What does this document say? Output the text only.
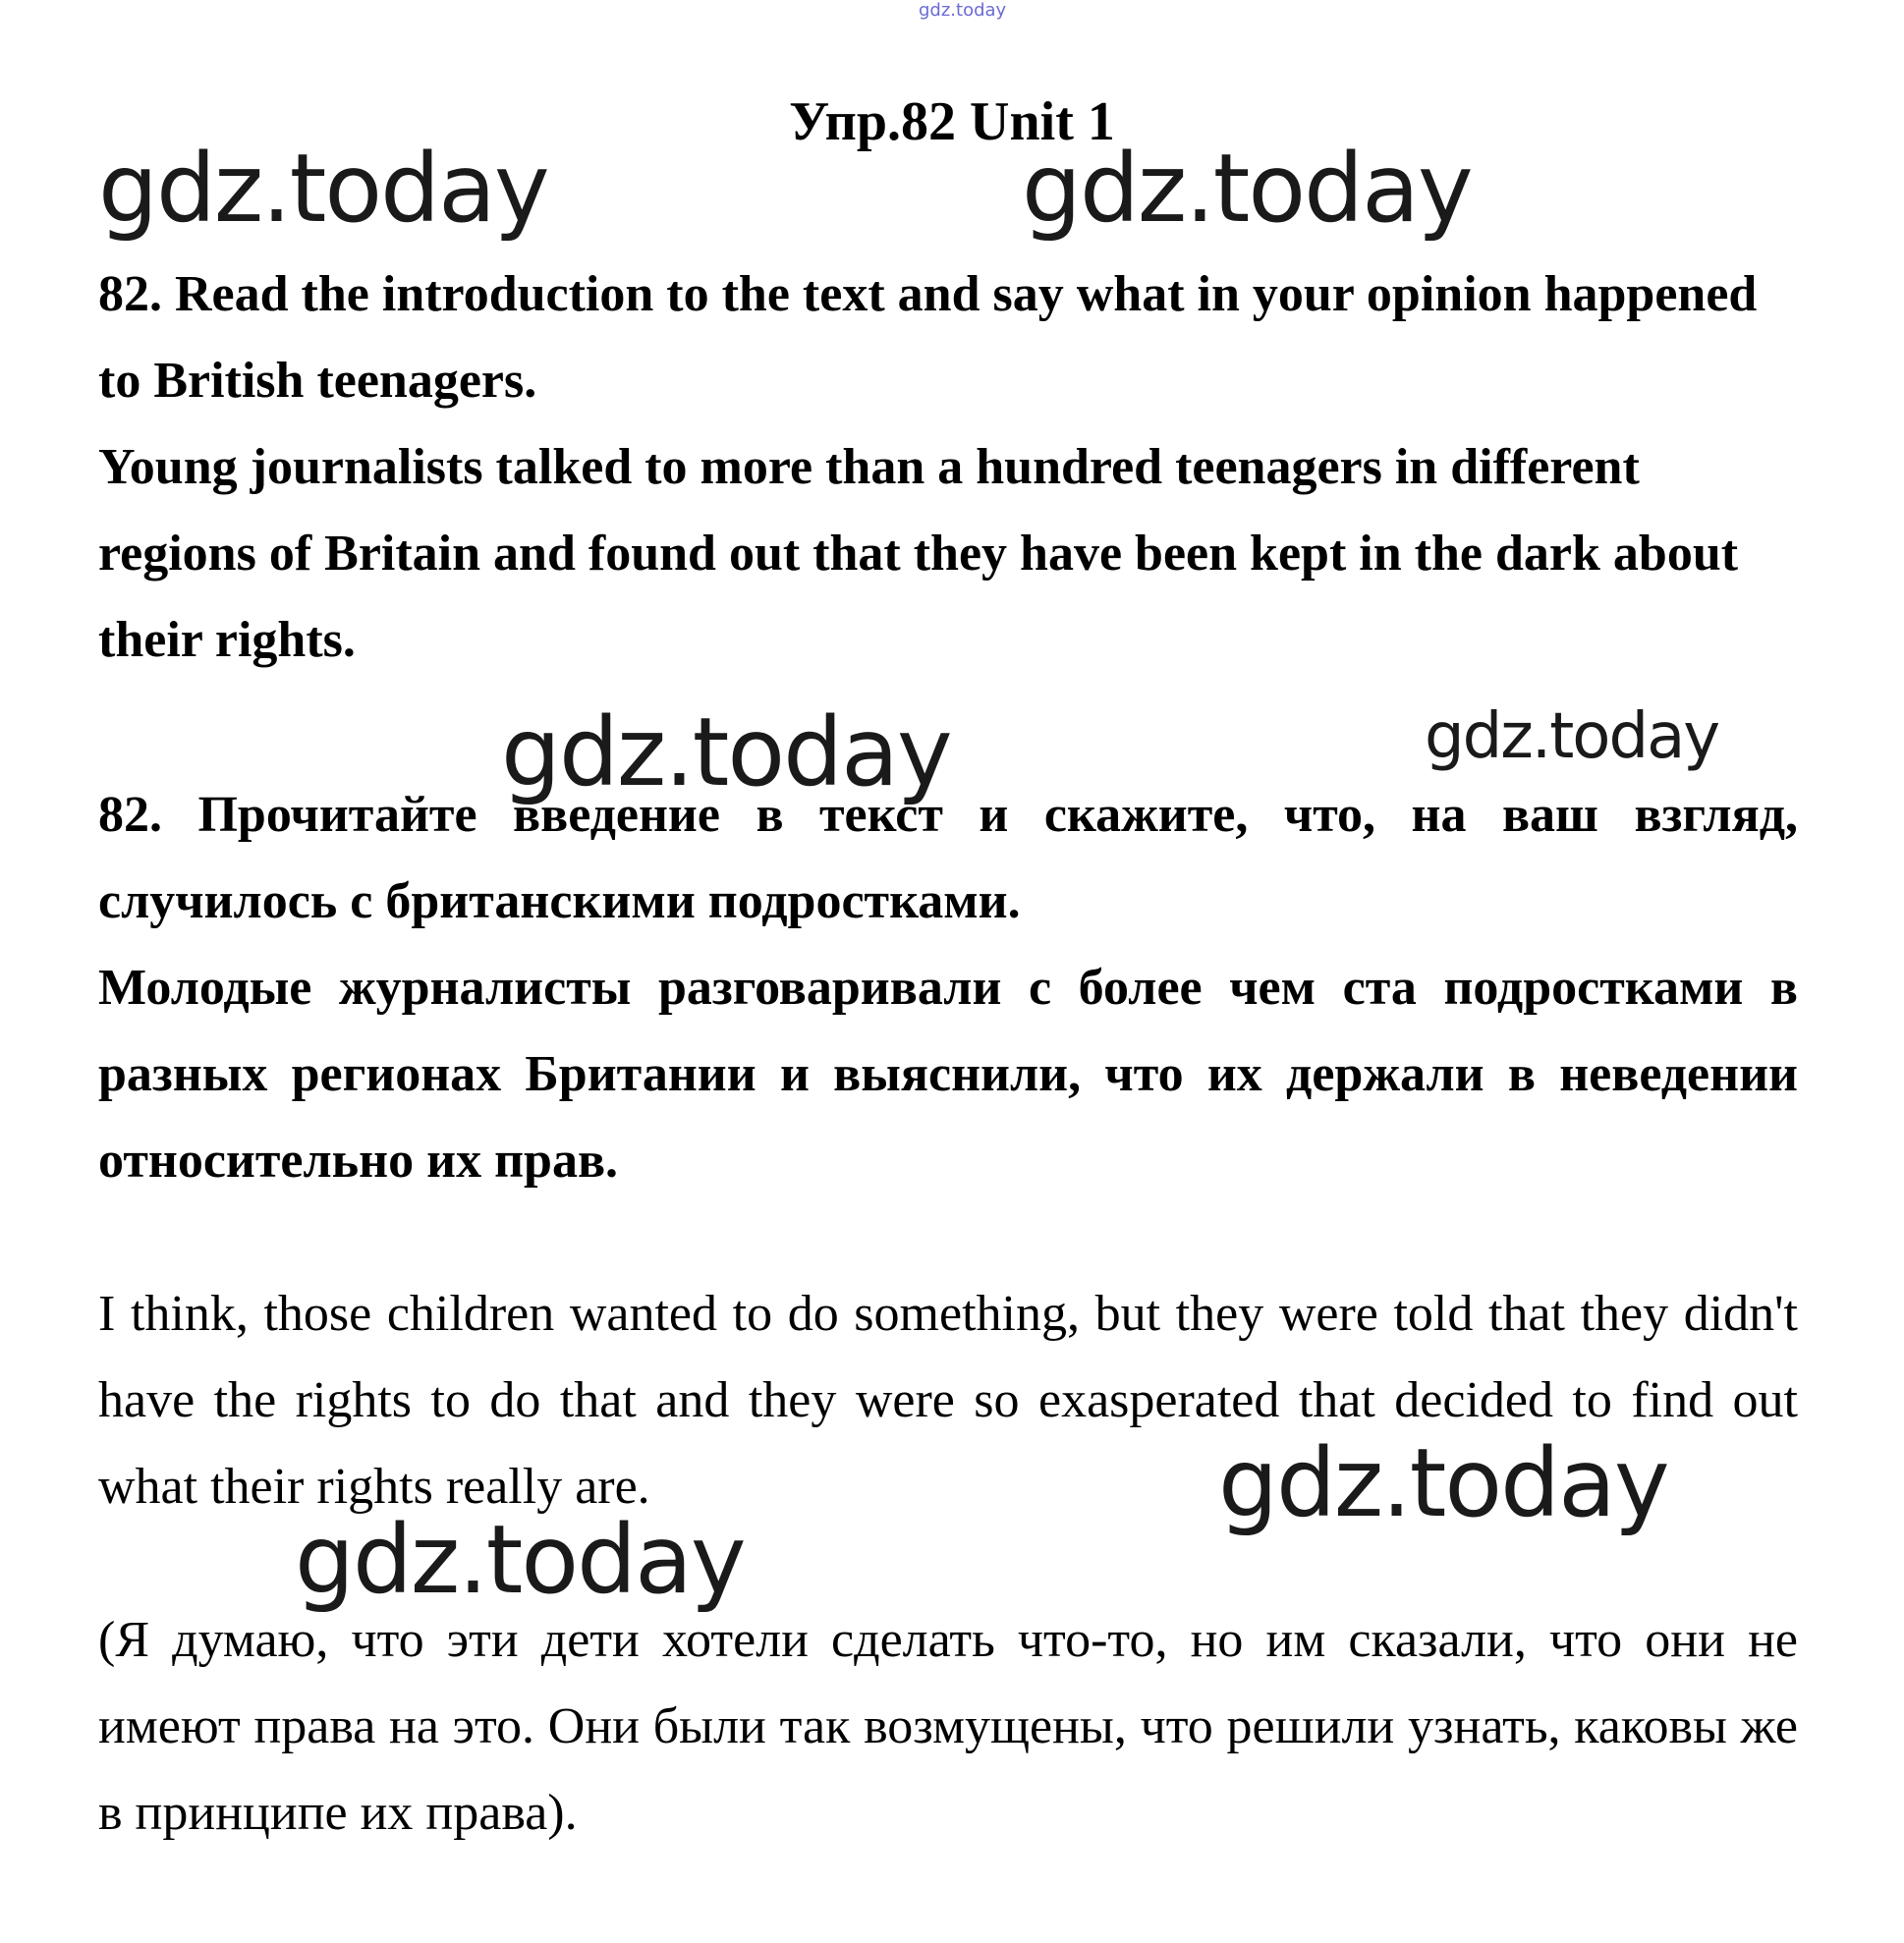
gdz.today
Упр.82 Unit 1
gdz.today	gdz.today

82. Read the introduction to the text and say what in your opinion happened to British teenagers.

Young journalists talked to more than a hundred teenagers in different regions of Britain and found out that they have been kept in the dark about their rights.

gdz.today	gdz.today

82. Прочитайте введение в текст и скажите, что, на ваш взгляд, случилось с британскими подростками.

Молодые журналисты разговаривали с более чем ста подростками в разных регионах Британии и выяснили, что их держали в неведении относительно их прав.

I think, those children wanted to do something, but they were told that they didn't have the rights to do that and they were so exasperated that decided to find out what their rights really are.	gdz.today
gdz.today
(Я думаю, что эти дети хотели сделать что-то, но им сказали, что они не имеют права на это. Они были так возмущены, что решили узнать, каковы же в принципе их права).
